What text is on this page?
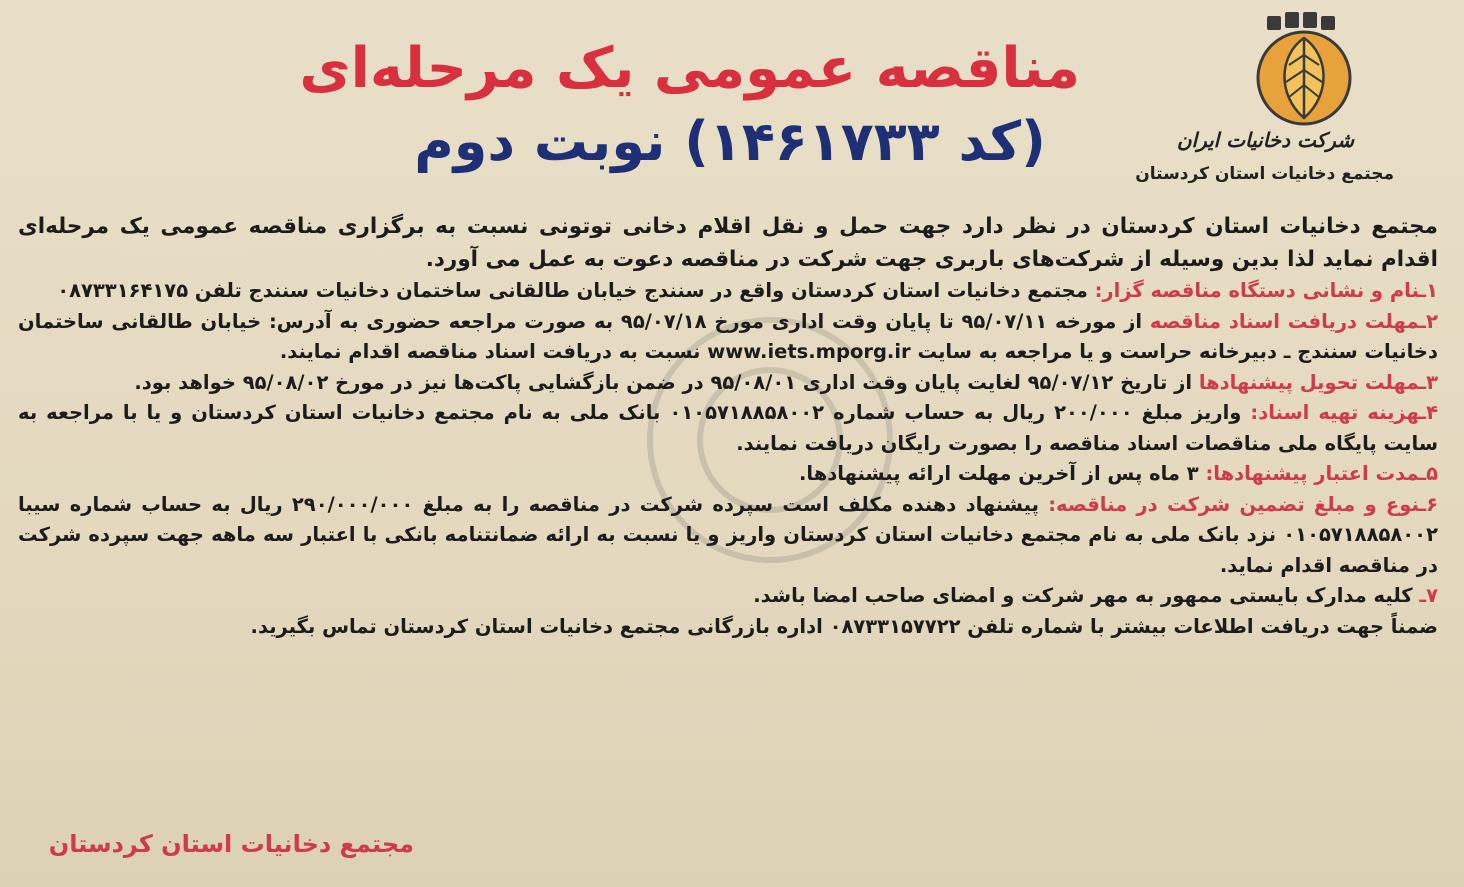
مناقصه عمومی یک مرحله‌ای
(کد ۱۴۶۱۷۳۳) نوبت دوم	شرکت دخانیات ایران
مجتمع دخانیات استان کردستان

مجتمع دخانیات استان کردستان در نظر دارد جهت حمل و نقل اقلام دخانی توتونی نسبت به برگزاری مناقصه عمومی یک مرحله‌ای اقدام نماید لذا بدین وسیله از شرکت‌های باربری جهت شرکت در مناقصه دعوت به عمل می آورد.

۱ـنام و نشانی دستگاه مناقصه گزار: مجتمع دخانیات استان کردستان واقع در سنندج خیابان طالقانی ساختمان دخانیات سنندج تلفن ۰۸۷۳۳۱۶۴۱۷۵

۲ـمهلت دریافت اسناد مناقصه از مورخه ۹۵/۰۷/۱۱ تا پایان وقت اداری مورخ ۹۵/۰۷/۱۸ به صورت مراجعه حضوری به آدرس: خیابان طالقانی ساختمان دخانیات سنندج ـ دبیرخانه حراست و یا مراجعه به سایت www.iets.mporg.ir نسبت به دریافت اسناد مناقصه اقدام نمایند.

۳ـمهلت تحویل پیشنهادها از تاریخ ۹۵/۰۷/۱۲ لغایت پایان وقت اداری ۹۵/۰۸/۰۱ در ضمن بازگشایی پاکت‌ها نیز در مورخ ۹۵/۰۸/۰۲ خواهد بود.

۴ـهزینه تهیه اسناد: واریز مبلغ ۲۰۰/۰۰۰ ریال به حساب شماره ۰۱۰۵۷۱۸۸۵۸۰۰۲ بانک ملی به نام مجتمع دخانیات استان کردستان و یا با مراجعه به سایت پایگاه ملی مناقصات اسناد مناقصه را بصورت رایگان دریافت نمایند.

۵ـمدت اعتبار پیشنهادها: ۳ ماه پس از آخرین مهلت ارائه پیشنهادها.

۶ـنوع و مبلغ تضمین شرکت در مناقصه: پیشنهاد دهنده مکلف است سپرده شرکت در مناقصه را به مبلغ ۲۹۰/۰۰۰/۰۰۰ ریال به حساب شماره سیبا ۰۱۰۵۷۱۸۸۵۸۰۰۲ نزد بانک ملی به نام مجتمع دخانیات استان کردستان واریز و یا نسبت به ارائه ضمانتنامه بانکی با اعتبار سه ماهه جهت سپرده شرکت در مناقصه اقدام نماید.

۷ـ کلیه مدارک بایستی ممهور به مهر شرکت و امضای صاحب امضا باشد.

ضمناً جهت دریافت اطلاعات بیشتر با شماره تلفن ۰۸۷۳۳۱۵۷۷۲۲ اداره بازرگانی مجتمع دخانیات استان کردستان تماس بگیرید.

مجتمع دخانیات استان کردستان
